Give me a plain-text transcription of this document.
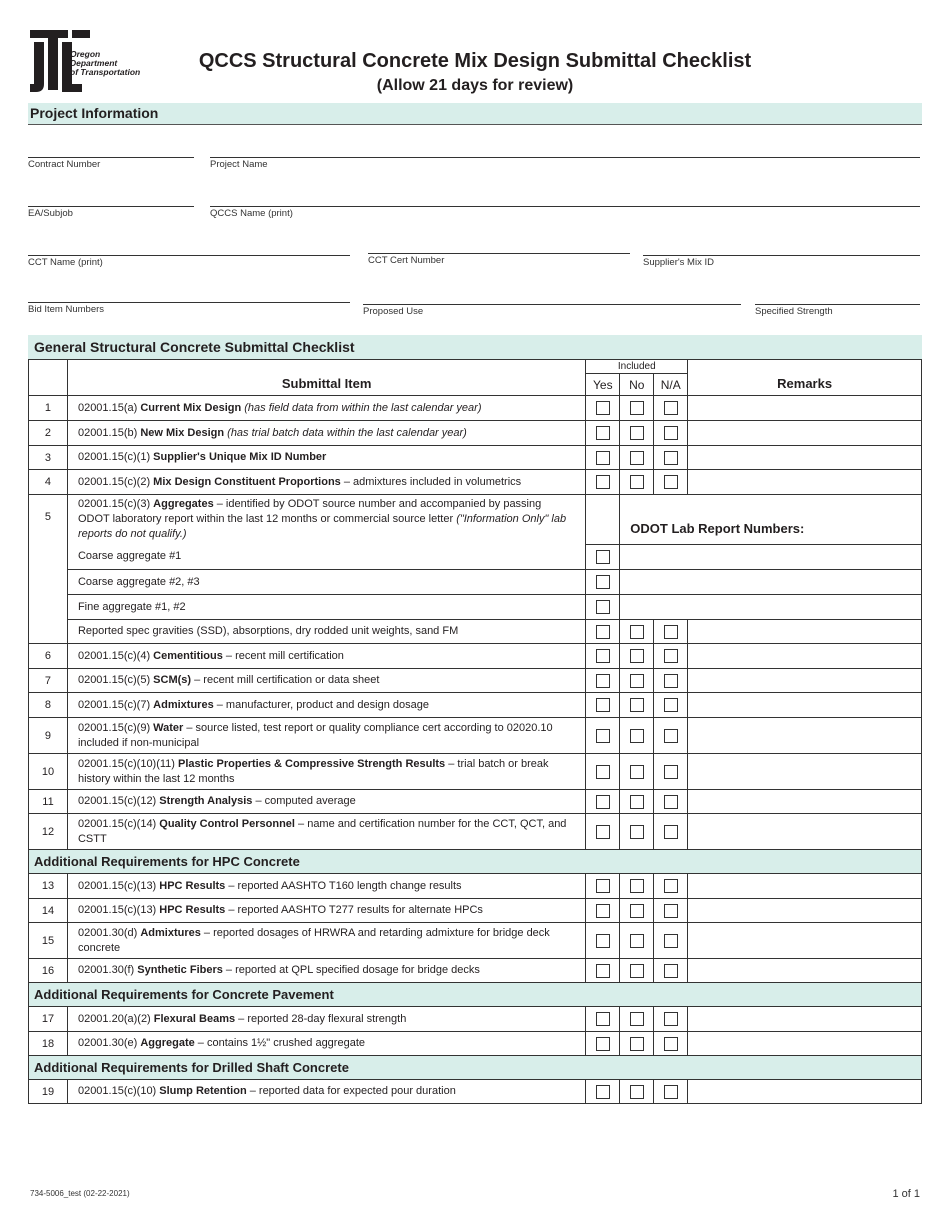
Oregon
Department
of Transportation	QCCS Structural Concrete Mix Design Submittal Checklist
(Allow 21 days for review)
Project Information
Contract Number	Project Name
EA/Subjob	QCCS Name (print)
CCT Name (print)	CCT Cert Number	Supplier's Mix ID
Bid Item Numbers	Proposed Use	Specified Strength
General Structural Concrete Submittal Checklist
	Submittal Item	Included			Remarks
		Yes	No	N/A	
1	02001.15(a) Current Mix Design (has field data from within the last calendar year)				
2	02001.15(b) New Mix Design (has trial batch data within the last calendar year)				
3	02001.15(c)(1) Supplier's Unique Mix ID Number				
4	02001.15(c)(2) Mix Design Constituent Proportions – admixtures included in volumetrics				
5	02001.15(c)(3) Aggregates – identified by ODOT source number and accompanied by passing ODOT laboratory report within the last 12 months or commercial source letter ("Information Only" lab reports do not qualify.)		ODOT Lab Report Numbers:		
	Coarse aggregate #1				
	Coarse aggregate #2, #3				
	Fine aggregate #1, #2				
	Reported spec gravities (SSD), absorptions, dry rodded unit weights, sand FM				
6	02001.15(c)(4) Cementitious – recent mill certification				
7	02001.15(c)(5) SCM(s) – recent mill certification or data sheet				
8	02001.15(c)(7) Admixtures – manufacturer, product and design dosage				
9	02001.15(c)(9) Water – source listed, test report or quality compliance cert according to 02020.10 included if non-municipal				
10	02001.15(c)(10)(11) Plastic Properties & Compressive Strength Results – trial batch or break history within the last 12 months				
11	02001.15(c)(12) Strength Analysis – computed average				
12	02001.15(c)(14) Quality Control Personnel – name and certification number for the CCT, QCT, and CSTT				
Additional Requirements for HPC Concrete					
13	02001.15(c)(13) HPC Results – reported AASHTO T160 length change results				
14	02001.15(c)(13) HPC Results – reported AASHTO T277 results for alternate HPCs				
15	02001.30(d) Admixtures – reported dosages of HRWRA and retarding admixture for bridge deck concrete				
16	02001.30(f) Synthetic Fibers – reported at QPL specified dosage for bridge decks				
Additional Requirements for Concrete Pavement					
17	02001.20(a)(2) Flexural Beams – reported 28-day flexural strength				
18	02001.30(e) Aggregate – contains 1½" crushed aggregate				
Additional Requirements for Drilled Shaft Concrete					
19	02001.15(c)(10) Slump Retention – reported data for expected pour duration				
734-5006_test (02-22-2021)	1 of 1
